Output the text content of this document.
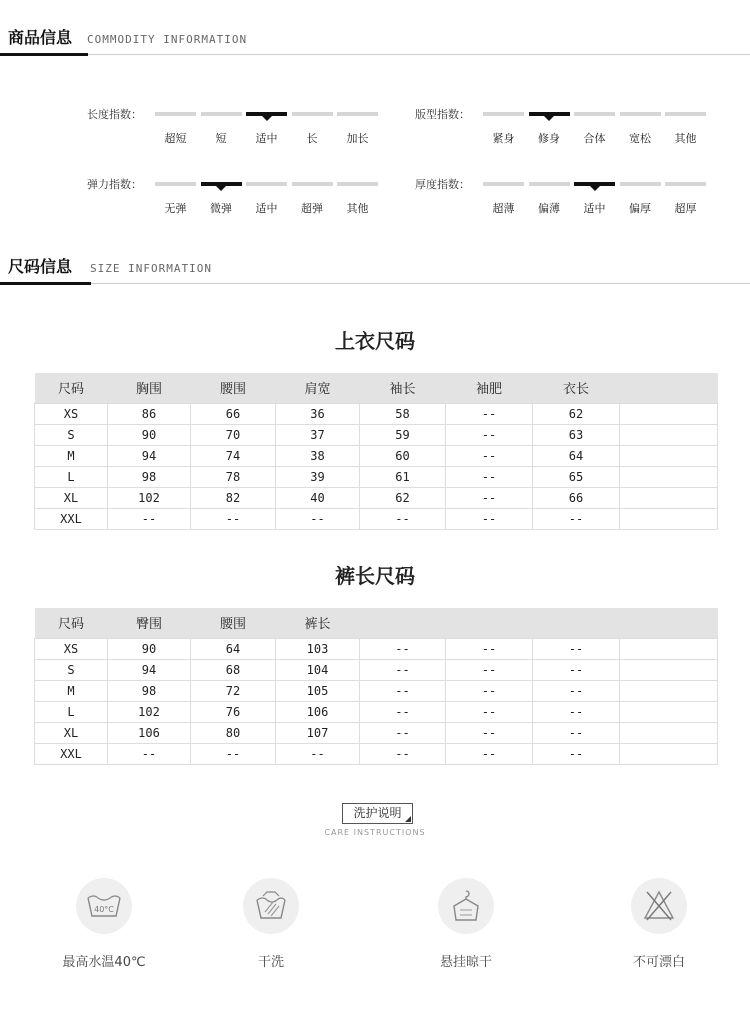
商品信息 COMMODITY INFORMATION
长度指数：
超短	短	适中	长	加长
版型指数：
紧身	修身	合体	宽松	其他
弹力指数：
无弹	微弹	适中	超弹	其他
厚度指数：
超薄	偏薄	适中	偏厚	超厚
尺码信息 SIZE INFORMATION
上衣尺码
尺码	胸围	腰围	肩宽	袖长	袖肥	衣长	
XS	86	66	36	58	--	62	
S	90	70	37	59	--	63	
M	94	74	38	60	--	64	
L	98	78	39	61	--	65	
XL	102	82	40	62	--	66	
XXL	--	--	--	--	--	--	
裤长尺码
尺码	臀围	腰围	裤长				
XS	90	64	103	--	--	--	
S	94	68	104	--	--	--	
M	98	72	105	--	--	--	
L	102	76	106	--	--	--	
XL	106	80	107	--	--	--	
XXL	--	--	--	--	--	--	
洗护说明
CARE INSTRUCTIONS
40°C
最高水温40℃	干洗	悬挂晾干	不可漂白
